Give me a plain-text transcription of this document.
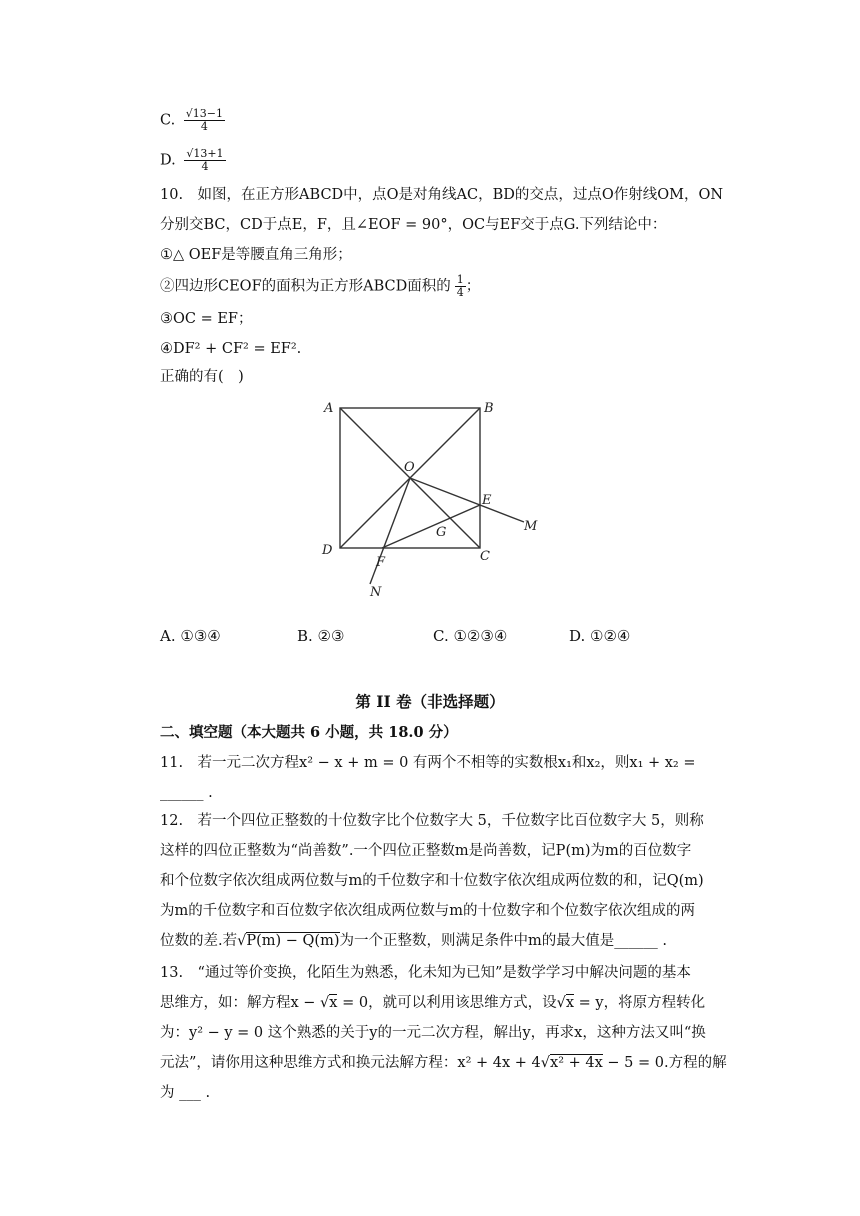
C. $\frac{√13-1}{4}$
D. $\frac{√13+1}{4}$
10.　如图，在正方形ABCD中，点O是对角线AC，BD的交点，过点O作射线OM，ON
分别交BC，CD于点E，F，且∠EOF = 90°，OC与EF交于点G.下列结论中：
①△ OEF是等腰直角三角形；
②四边形CEOF的面积为正方形ABCD面积的 $\frac{1}{4}$ ；
③OC = EF；
④DF² + CF² = EF².
正确的有(　)
A	B
C
D
O
E
F
G	M
N
A. ①③④	B. ②③	C. ①②③④	D. ①②④
第 II 卷（非选择题）
二、填空题（本大题共 6 小题，共 18.0 分）
11.　若一元二次方程x² − x + m = 0 有两个不相等的实数根x₁和x₂，则x₁ + x₂ =
______ .
12.　若一个四位正整数的十位数字比个位数字大 5，千位数字比百位数字大 5，则称
这样的四位正整数为“尚善数”.一个四位正整数m是尚善数，记P(m)为m的百位数字
和个位数字依次组成两位数与m的千位数字和十位数字依次组成两位数的和，记Q(m)
为m的千位数字和百位数字依次组成两位数与m的十位数字和个位数字依次组成的两
位数的差.若√P(m) − Q(m)为一个正整数，则满足条件中m的最大值是______ .
13.　“通过等价变换，化陌生为熟悉，化未知为已知”是数学学习中解决问题的基本
思维方，如：解方程x − √x = 0，就可以利用该思维方式，设√x = y，将原方程转化
为：y² − y = 0 这个熟悉的关于y的一元二次方程，解出y，再求x，这种方法又叫“换
元法”，请你用这种思维方式和换元法解方程：x² + 4x + 4√x² + 4x − 5 = 0.方程的解
为 ___ .
